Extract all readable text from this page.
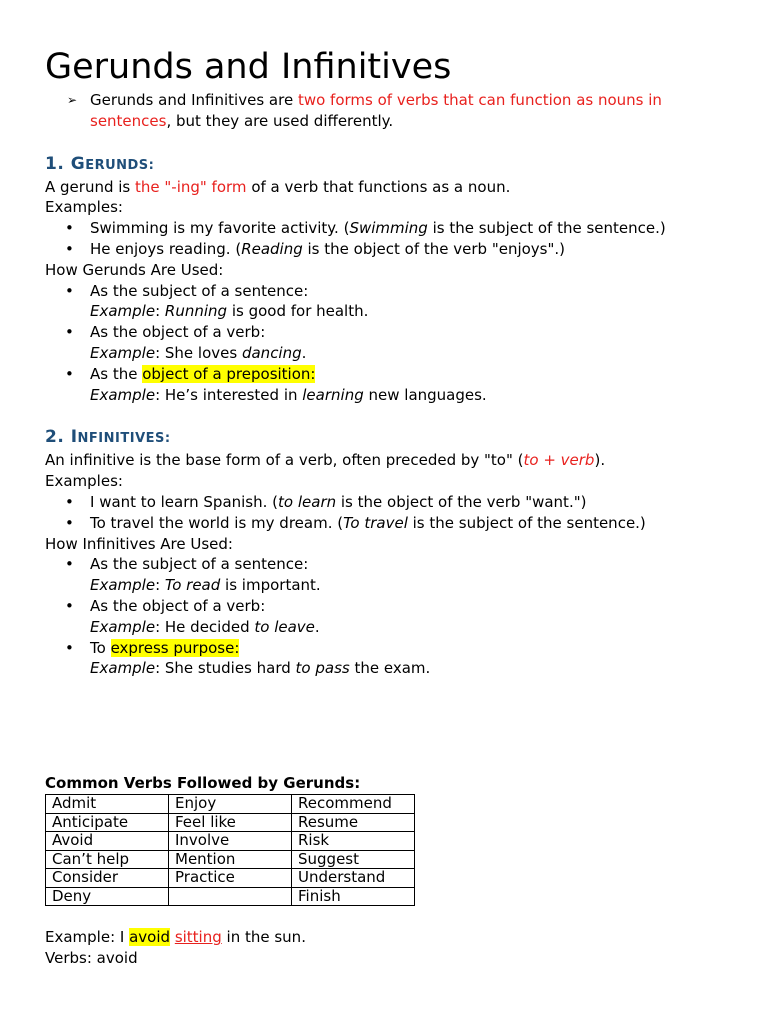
Gerunds and Infinitives

➢ Gerunds and Infinitives are two forms of verbs that can function as nouns in sentences, but they are used differently.

1. GERUNDS:

A gerund is the "-ing" form of a verb that functions as a noun.

Examples:

• Swimming is my favorite activity. (Swimming is the subject of the sentence.)
• He enjoys reading. (Reading is the object of the verb "enjoys".)

How Gerunds Are Used:

• As the subject of a sentence:
Example: Running is good for health.
• As the object of a verb:
Example: She loves dancing.
• As the object of a preposition:
Example: He’s interested in learning new languages.
2. INFINITIVES:

An infinitive is the base form of a verb, often preceded by "to" (to + verb).

Examples:

• I want to learn Spanish. (to learn is the object of the verb "want.")
• To travel the world is my dream. (To travel is the subject of the sentence.)

How Infinitives Are Used:

• As the subject of a sentence:
Example: To read is important.
• As the object of a verb:
Example: He decided to leave.
• To express purpose:
Example: She studies hard to pass the exam.

Common Verbs Followed by Gerunds:

Admit	Enjoy	Recommend
Anticipate	Feel like	Resume
Avoid	Involve	Risk
Can’t help	Mention	Suggest
Consider	Practice	Understand
Deny		Finish

Example: I avoid sitting in the sun.

Verbs: avoid
